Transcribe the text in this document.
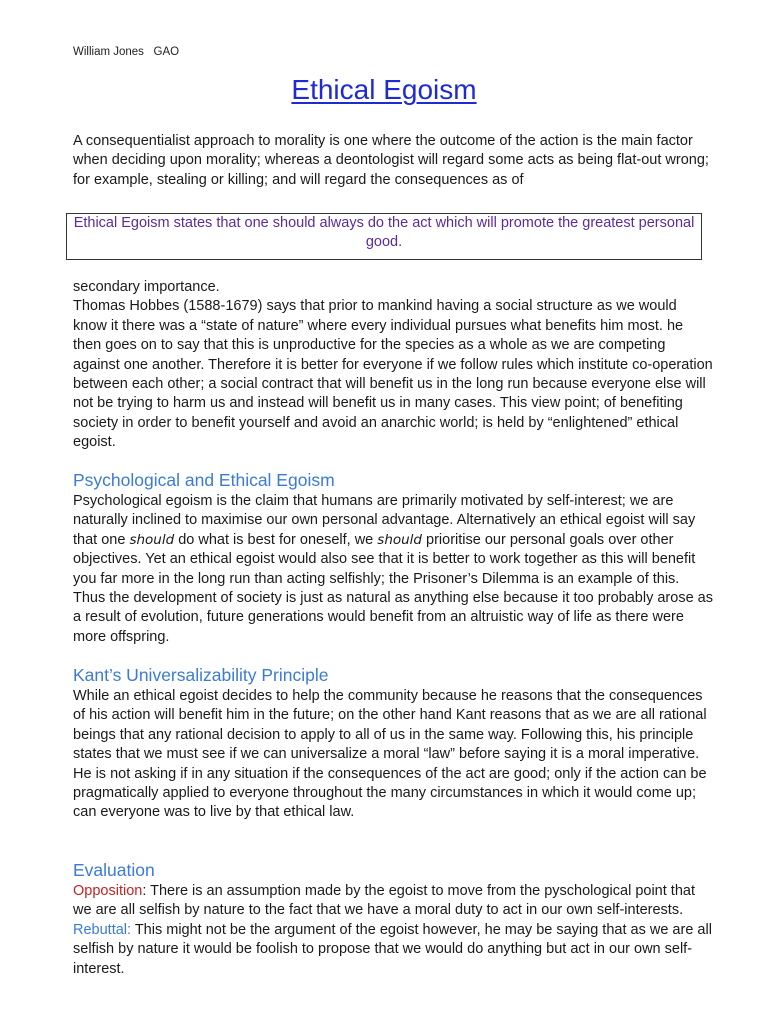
William Jones   GAO
Ethical Egoism

A consequentialist approach to morality is one where the outcome of the action is the main factor when deciding upon morality; whereas a deontologist will regard some acts as being flat-out wrong; for example, stealing or killing; and will regard the consequences as of

Ethical Egoism states that one should always do the act which will promote the greatest personal good.
secondary importance.
Thomas Hobbes (1588-1679) says that prior to mankind having a social structure as we would know it there was a “state of nature” where every individual pursues what benefits him most. he then goes on to say that this is unproductive for the species as a whole as we are competing against one another. Therefore it is better for everyone if we follow rules which institute co-operation between each other; a social contract that will benefit us in the long run because everyone else will not be trying to harm us and instead will benefit us in many cases. This view point; of benefiting society in order to benefit yourself and avoid an anarchic world; is held by “enlightened” ethical egoist.
Psychological and Ethical Egoism

Psychological egoism is the claim that humans are primarily motivated by self-interest; we are naturally inclined to maximise our own personal advantage. Alternatively an ethical egoist will say that one should do what is best for oneself, we should prioritise our personal goals over other objectives. Yet an ethical egoist would also see that it is better to work together as this will benefit you far more in the long run than acting selfishly; the Prisoner’s Dilemma is an example of this. Thus the development of society is just as natural as anything else because it too probably arose as a result of evolution, future generations would benefit from an altruistic way of life as there were more offspring.

Kant’s Universalizability Principle

While an ethical egoist decides to help the community because he reasons that the consequences of his action will benefit him in the future; on the other hand Kant reasons that as we are all rational beings that any rational decision to apply to all of us in the same way. Following this, his principle states that we must see if we can universalize a moral “law” before saying it is a moral imperative. He is not asking if in any situation if the consequences of the act are good; only if the action can be pragmatically applied to everyone throughout the many circumstances in which it would come up; can everyone was to live by that ethical law.

Evaluation
Opposition: There is an assumption made by the egoist to move from the pyschological point that we are all selfish by nature to the fact that we have a moral duty to act in our own self-interests.
Rebuttal: This might not be the argument of the egoist however, he may be saying that as we are all selfish by nature it would be foolish to propose that we would do anything but act in our own self-interest.
